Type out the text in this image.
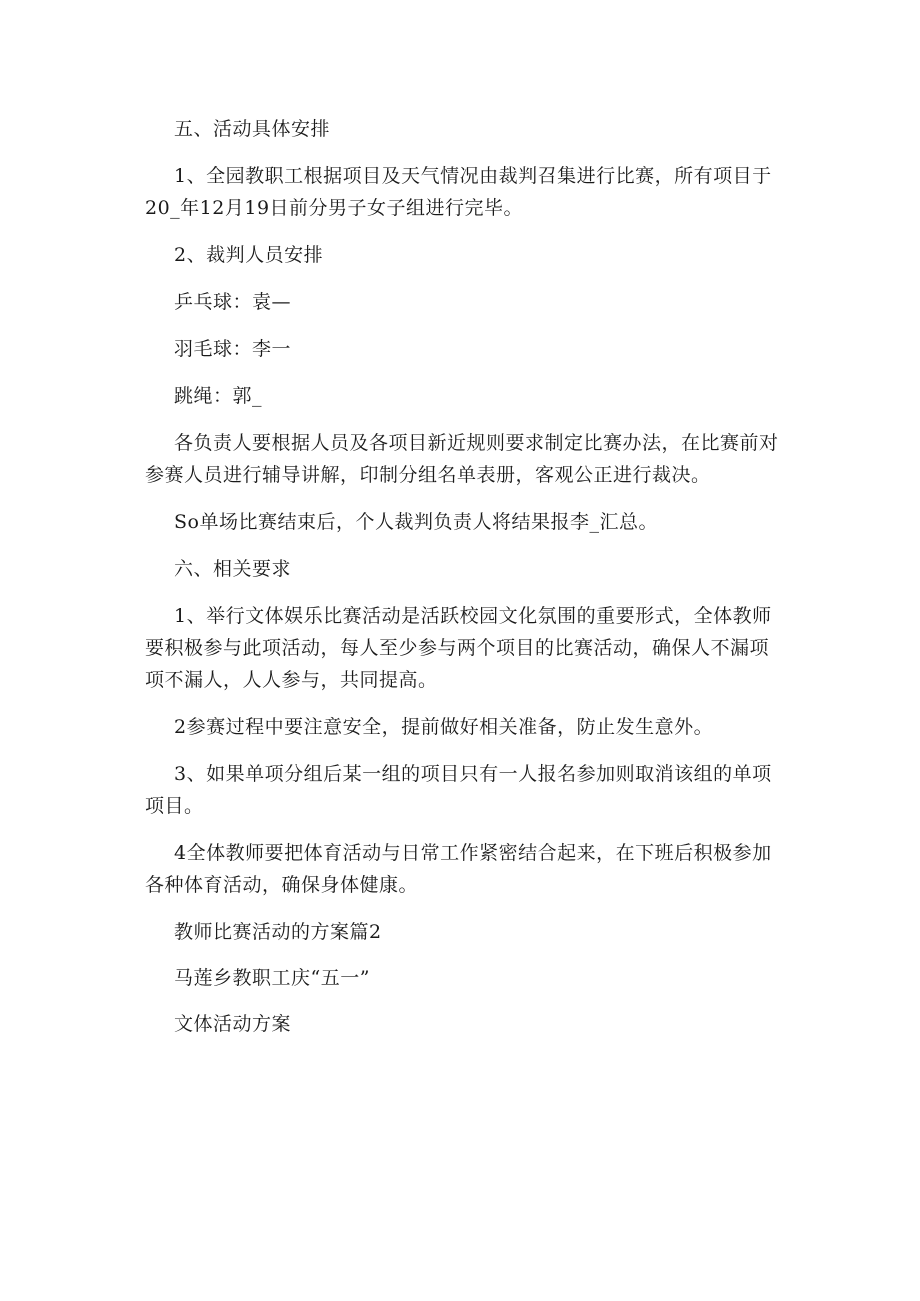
五、活动具体安排

1、全园教职工根据项目及天气情况由裁判召集进行比赛，所有项目于20_年12月19日前分男子女子组进行完毕。

2、裁判人员安排

乒乓球：袁—

羽毛球：李一

跳绳：郭_

各负责人要根据人员及各项目新近规则要求制定比赛办法，在比赛前对参赛人员进行辅导讲解，印制分组名单表册，客观公正进行裁决。

So单场比赛结束后，个人裁判负责人将结果报李_汇总。

六、相关要求

1、举行文体娱乐比赛活动是活跃校园文化氛围的重要形式，全体教师要积极参与此项活动，每人至少参与两个项目的比赛活动，确保人不漏项项不漏人，人人参与，共同提高。

2参赛过程中要注意安全，提前做好相关准备，防止发生意外。

3、如果单项分组后某一组的项目只有一人报名参加则取消该组的单项项目。

4全体教师要把体育活动与日常工作紧密结合起来，在下班后积极参加各种体育活动，确保身体健康。

教师比赛活动的方案篇2

马莲乡教职工庆“五一”

文体活动方案
